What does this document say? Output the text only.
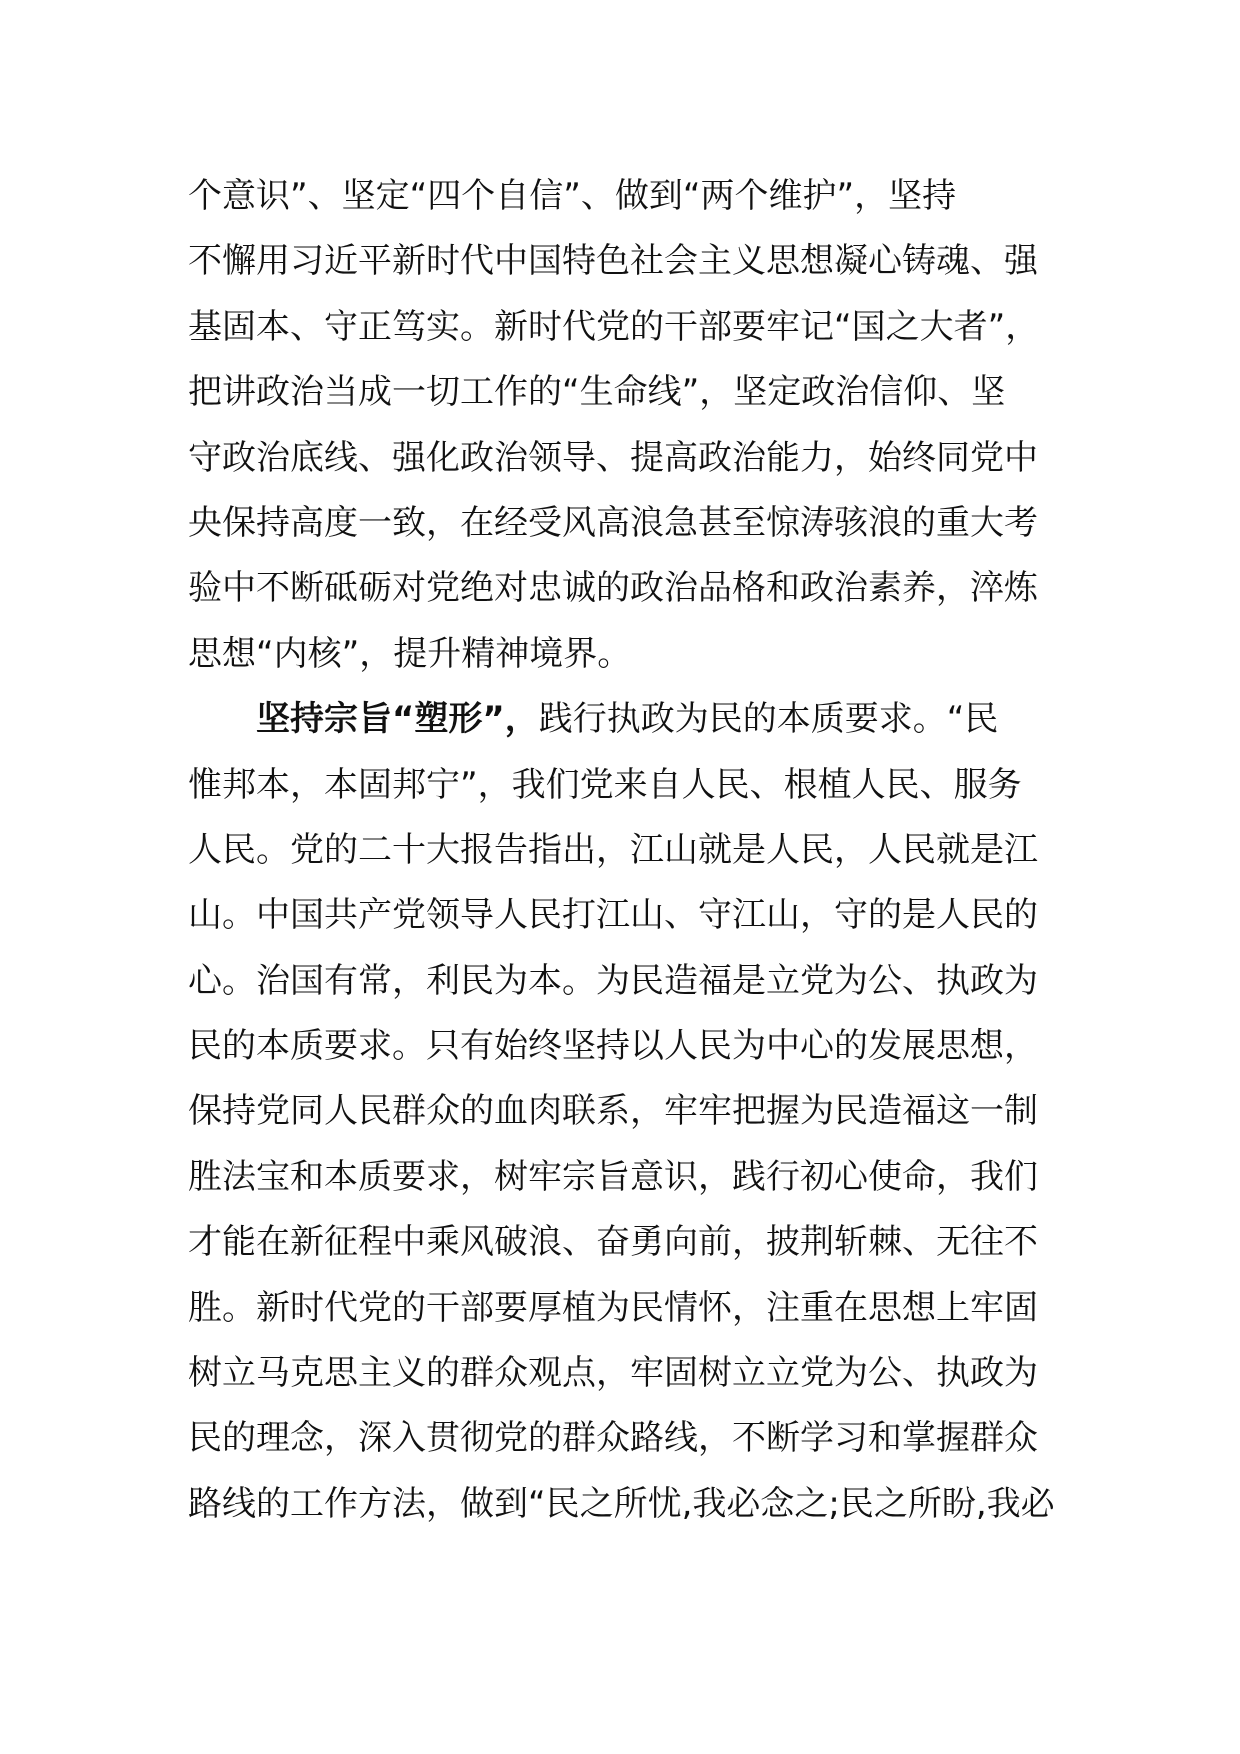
个意识”、坚定“四个自信”、做到“两个维护”，坚持
不懈用习近平新时代中国特色社会主义思想凝心铸魂、强
基固本、守正笃实。新时代党的干部要牢记“国之大者”，
把讲政治当成一切工作的“生命线”，坚定政治信仰、坚
守政治底线、强化政治领导、提高政治能力，始终同党中
央保持高度一致，在经受风高浪急甚至惊涛骇浪的重大考
验中不断砥砺对党绝对忠诚的政治品格和政治素养，淬炼
思想“内核”，提升精神境界。
坚持宗旨“塑形”，践行执政为民的本质要求。“民
惟邦本，本固邦宁”，我们党来自人民、根植人民、服务
人民。党的二十大报告指出，江山就是人民，人民就是江
山。中国共产党领导人民打江山、守江山，守的是人民的
心。治国有常，利民为本。为民造福是立党为公、执政为
民的本质要求。只有始终坚持以人民为中心的发展思想，
保持党同人民群众的血肉联系，牢牢把握为民造福这一制
胜法宝和本质要求，树牢宗旨意识，践行初心使命，我们
才能在新征程中乘风破浪、奋勇向前，披荆斩棘、无往不
胜。新时代党的干部要厚植为民情怀，注重在思想上牢固
树立马克思主义的群众观点，牢固树立立党为公、执政为
民的理念，深入贯彻党的群众路线，不断学习和掌握群众
路线的工作方法，做到“民之所忧,我必念之;民之所盼,我必
